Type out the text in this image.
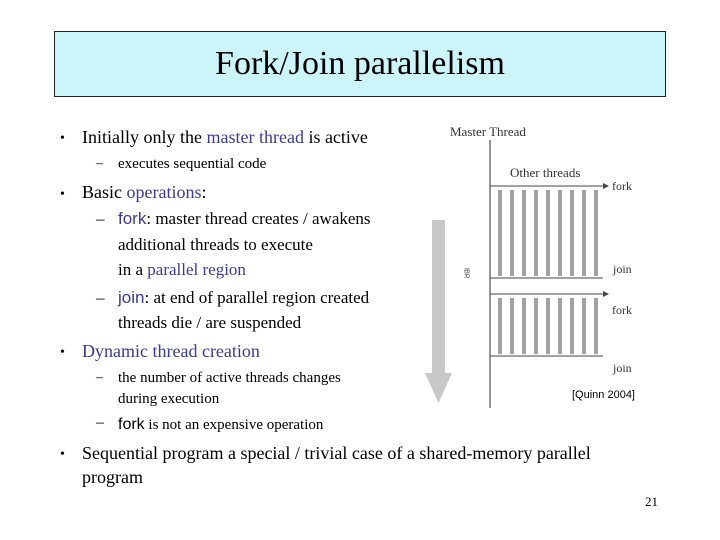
Fork/Join parallelism
• Initially only the master thread is active
– executes sequential code
• Basic operations:
– fork: master thread creates / awakens
additional threads to execute
in a parallel region
– join: at end of parallel region created
threads die / are suspended
• Dynamic thread creation
– the number of active threads changes
during execution
– fork is not an expensive operation
• Sequential program a special / trivial case of a shared-memory parallel
program
ᴵᴮᴿ
Master Thread
Other threads
fork
join
fork
join
[Quinn 2004]
21
